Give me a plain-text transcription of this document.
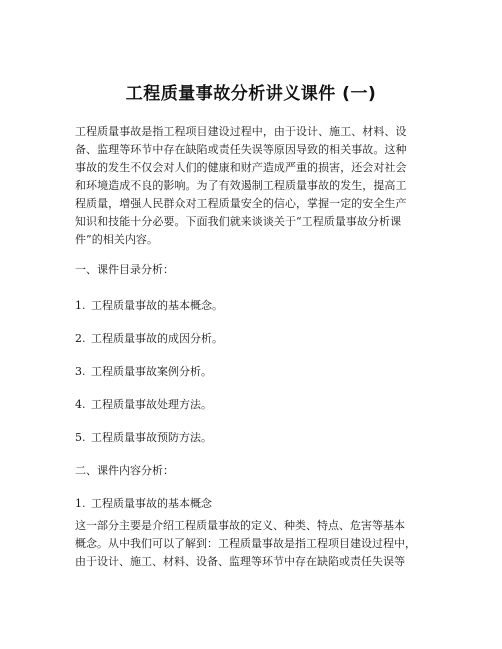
工程质量事故分析讲义课件 (一)

工程质量事故是指工程项目建设过程中，由于设计、施工、材料、设
备、监理等环节中存在缺陷或责任失误等原因导致的相关事故。这种
事故的发生不仅会对人们的健康和财产造成严重的损害，还会对社会
和环境造成不良的影响。为了有效遏制工程质量事故的发生，提高工
程质量，增强人民群众对工程质量安全的信心，掌握一定的安全生产
知识和技能十分必要。下面我们就来谈谈关于“工程质量事故分析课
件”的相关内容。

一、课件目录分析：

1. 工程质量事故的基本概念。

2. 工程质量事故的成因分析。

3. 工程质量事故案例分析。

4. 工程质量事故处理方法。

5. 工程质量事故预防方法。

二、课件内容分析：

1. 工程质量事故的基本概念

这一部分主要是介绍工程质量事故的定义、种类、特点、危害等基本
概念。从中我们可以了解到：工程质量事故是指工程项目建设过程中，
由于设计、施工、材料、设备、监理等环节中存在缺陷或责任失误等
